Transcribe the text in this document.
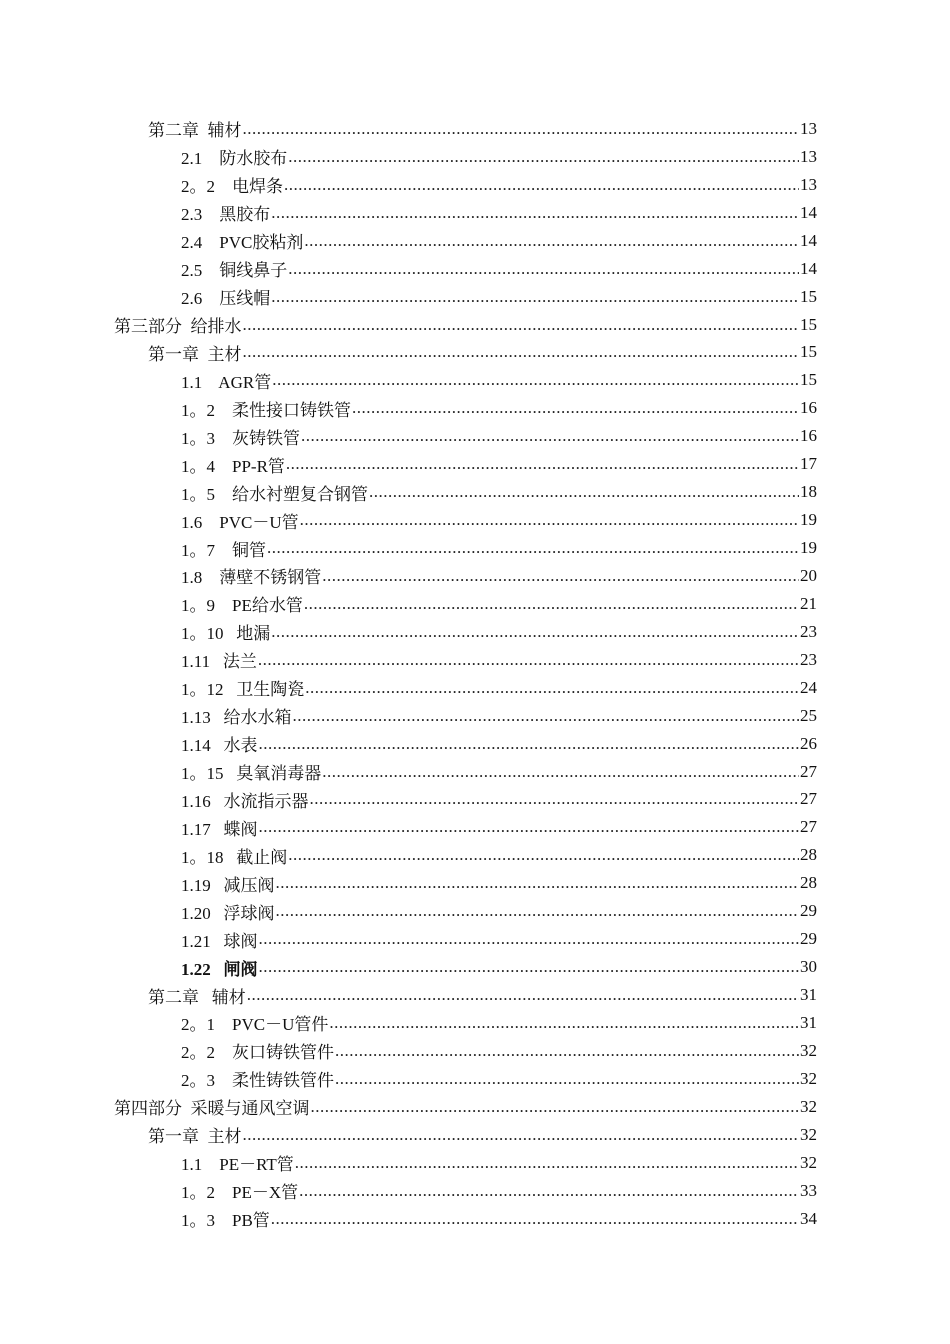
第二章  辅材 .....	13
2.1    防水胶布 .....	13
2。2    电焊条 .....	13
2.3    黑胶布 .....	14
2.4    PVC胶粘剂 .....	14
2.5    铜线鼻子 .....	14
2.6    压线帽 .....	15
第三部分  给排水 .....	15
第一章  主材 .....	15
1.1    AGR管 .....	15
1。2    柔性接口铸铁管 .....	16
1。3    灰铸铁管 .....	16
1。4    PP-R管 .....	17
1。5    给水衬塑复合钢管 .....	18
1.6    PVC－U管 .....	19
1。7    铜管 .....	19
1.8    薄壁不锈钢管 .....	20
1。9    PE给水管 .....	21
1。10   地漏 .....	23
1.11   法兰 .....	23
1。12   卫生陶瓷 .....	24
1.13   给水水箱 .....	25
1.14   水表 .....	26
1。15   臭氧消毒器 .....	27
1.16   水流指示器 .....	27
1.17   蝶阀 .....	27
1。18   截止阀 .....	28
1.19   减压阀 .....	28
1.20   浮球阀 .....	29
1.21   球阀 .....	29
1.22   闸阀 .....	30
第二章   辅材 .....	31
2。1    PVC－U管件 .....	31
2。2    灰口铸铁管件 .....	32
2。3    柔性铸铁管件 .....	32
第四部分  采暖与通风空调 .....	32
第一章  主材 .....	32
1.1    PE－RT管 .....	32
1。2    PE－X管 .....	33
1。3    PB管 .....	34
